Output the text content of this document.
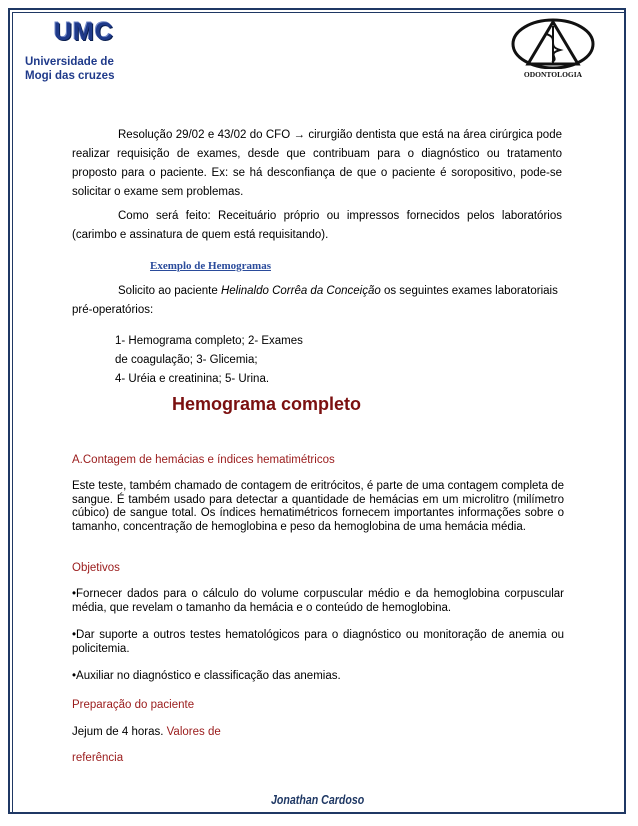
UMC
Universidade de
Mogi das cruzes	ODONTOLOGIA
Resolução 29/02 e 43/02 do CFO → cirurgião dentista que está na área cirúrgica pode realizar requisição de exames, desde que contribuam para o diagnóstico ou tratamento proposto para o paciente. Ex: se há desconfiança de que o paciente é soropositivo, pode-se solicitar o exame sem problemas.
Como será feito: Receituário próprio ou impressos fornecidos pelos laboratórios (carimbo e assinatura de quem está requisitando).
Exemplo de Hemogramas
Solicito ao paciente Helinaldo Corrêa da Conceição os seguintes exames laboratoriais pré-operatórios:
1- Hemograma completo; 2- Exames
de coagulação; 3- Glicemia;
4- Uréia e creatinina; 5- Urina.
Hemograma completo
A.Contagem de hemácias e índices hematimétricos
Este teste, também chamado de contagem de eritrócitos, é parte de uma contagem completa de sangue. É também usado para detectar a quantidade de hemácias em um microlitro (milímetro cúbico) de sangue total. Os índices hematimétricos fornecem importantes informações sobre o tamanho, concentração de hemoglobina e peso da hemoglobina de uma hemácia média.
Objetivos
•Fornecer dados para o cálculo do volume corpuscular médio e da hemoglobina corpuscular média, que revelam o tamanho da hemácia e o conteúdo de hemoglobina.
•Dar suporte a outros testes hematológicos para o diagnóstico ou monitoração de anemia ou policitemia.
•Auxiliar no diagnóstico e classificação das anemias.
Preparação do paciente
Jejum de 4 horas. Valores de
referência
Jonathan Cardoso
